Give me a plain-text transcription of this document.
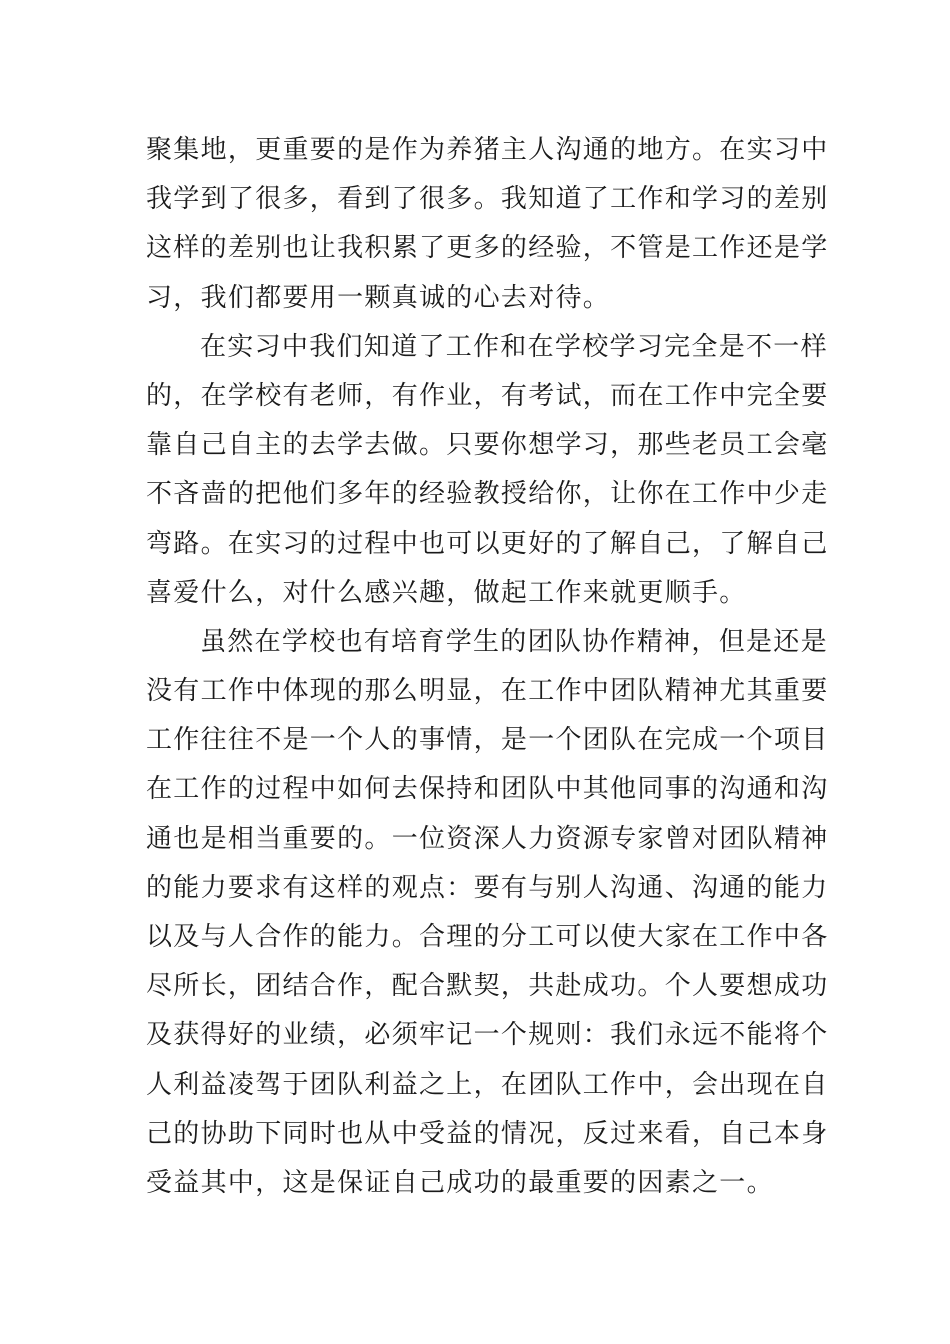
聚集地，更重要的是作为养猪主人沟通的地方。在实习中
我学到了很多，看到了很多。我知道了工作和学习的差别
这样的差别也让我积累了更多的经验，不管是工作还是学
习，我们都要用一颗真诚的心去对待。
在实习中我们知道了工作和在学校学习完全是不一样
的，在学校有老师，有作业，有考试，而在工作中完全要
靠自己自主的去学去做。只要你想学习，那些老员工会毫
不吝啬的把他们多年的经验教授给你，让你在工作中少走
弯路。在实习的过程中也可以更好的了解自己，了解自己
喜爱什么，对什么感兴趣，做起工作来就更顺手。
虽然在学校也有培育学生的团队协作精神，但是还是
没有工作中体现的那么明显，在工作中团队精神尤其重要
工作往往不是一个人的事情，是一个团队在完成一个项目
在工作的过程中如何去保持和团队中其他同事的沟通和沟
通也是相当重要的。一位资深人力资源专家曾对团队精神
的能力要求有这样的观点：要有与别人沟通、沟通的能力
以及与人合作的能力。合理的分工可以使大家在工作中各
尽所长，团结合作，配合默契，共赴成功。个人要想成功
及获得好的业绩，必须牢记一个规则：我们永远不能将个
人利益凌驾于团队利益之上，在团队工作中，会出现在自
己的协助下同时也从中受益的情况，反过来看，自己本身
受益其中，这是保证自己成功的最重要的因素之一。
